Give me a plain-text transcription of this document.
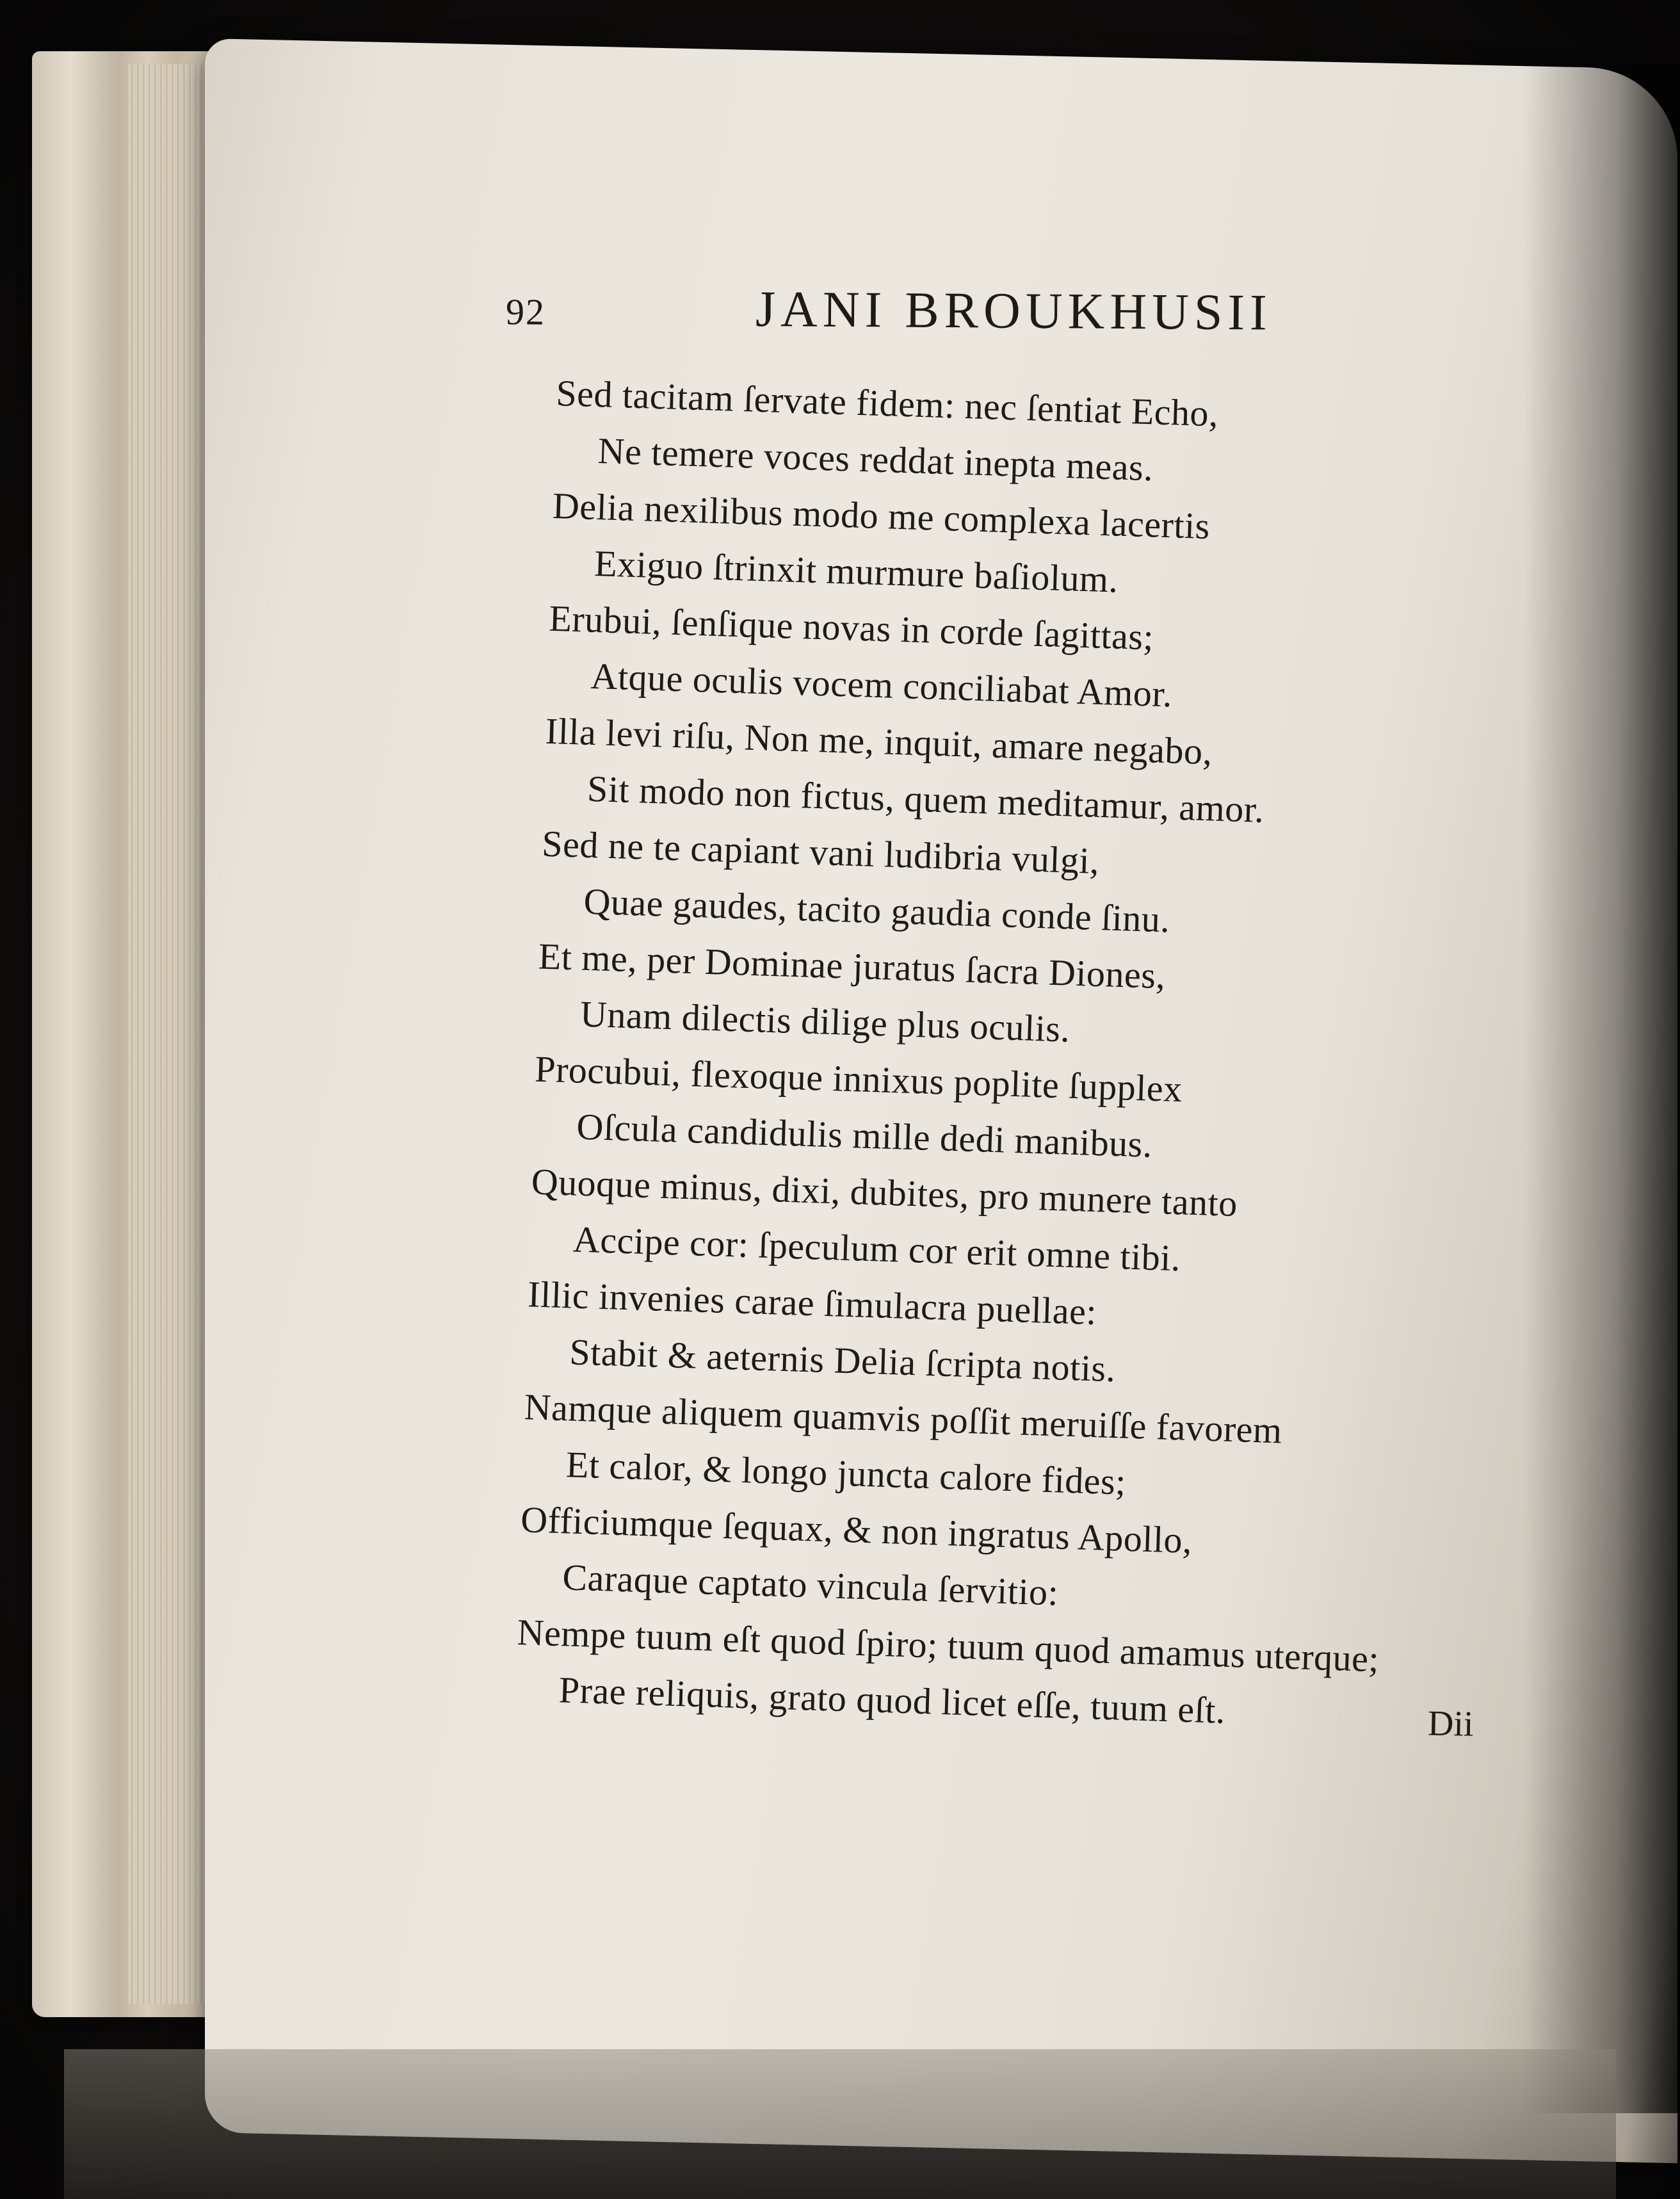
92	JANI BROUKHUSII
Sed tacitam ſervate fidem: nec ſentiat Echo,
Ne temere voces reddat inepta meas.
Delia nexilibus modo me complexa lacertis
Exiguo ſtrinxit murmure baſiolum.
Erubui, ſenſique novas in corde ſagittas;
Atque oculis vocem conciliabat Amor.
Illa levi riſu, Non me, inquit, amare negabo,
Sit modo non fictus, quem meditamur, amor.
Sed ne te capiant vani ludibria vulgi,
Quae gaudes, tacito gaudia conde ſinu.
Et me, per Dominae juratus ſacra Diones,
Unam dilectis dilige plus oculis.
Procubui, flexoque innixus poplite ſupplex
Oſcula candidulis mille dedi manibus.
Quoque minus, dixi, dubites, pro munere tanto
Accipe cor: ſpeculum cor erit omne tibi.
Illic invenies carae ſimulacra puellae:
Stabit & aeternis Delia ſcripta notis.
Namque aliquem quamvis poſſit meruiſſe favorem
Et calor, & longo juncta calore fides;
Officiumque ſequax, & non ingratus Apollo,
Caraque captato vincula ſervitio:
Nempe tuum eſt quod ſpiro; tuum quod amamus uterque;
Prae reliquis, grato quod licet eſſe, tuum eſt.	Dii
